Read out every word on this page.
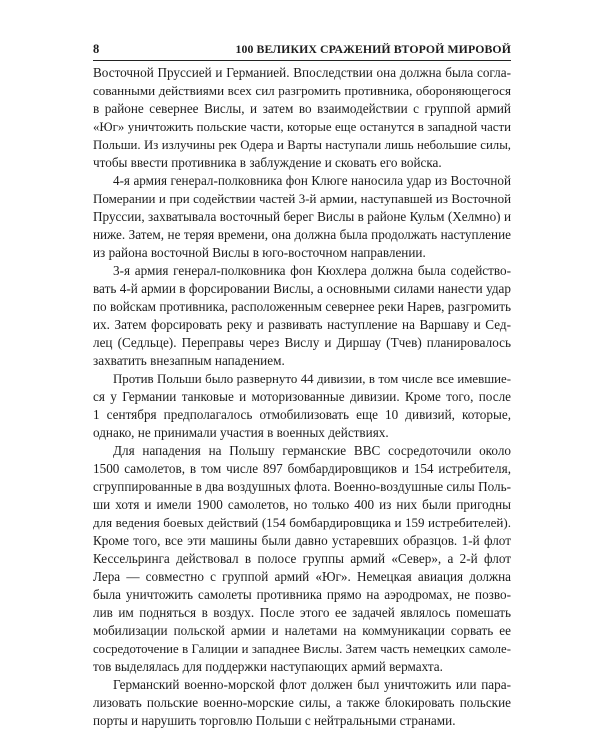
8	100 ВЕЛИКИХ СРАЖЕНИЙ ВТОРОЙ МИРОВОЙ
Восточной Пруссией и Германией. Впоследствии она должна была согла-
сованными действиями всех сил разгромить противника, обороняющегося
в районе севернее Вислы, и затем во взаимодействии с группой армий
«Юг» уничтожить польские части, которые еще останутся в западной части
Польши. Из излучины рек Одера и Варты наступали лишь небольшие силы,
чтобы ввести противника в заблуждение и сковать его войска.
4-я армия генерал-полковника фон Клюге наносила удар из Восточной
Померании и при содействии частей 3-й армии, наступавшей из Восточной
Пруссии, захватывала восточный берег Вислы в районе Кульм (Хелмно) и
ниже. Затем, не теряя времени, она должна была продолжать наступление
из района восточной Вислы в юго-восточном направлении.
3-я армия генерал-полковника фон Кюхлера должна была содейство-
вать 4-й армии в форсировании Вислы, а основными силами нанести удар
по войскам противника, расположенным севернее реки Нарев, разгромить
их. Затем форсировать реку и развивать наступление на Варшаву и Сед-
лец (Седльце). Переправы через Вислу и Диршау (Тчев) планировалось
захватить внезапным нападением.
Против Польши было развернуто 44 дивизии, в том числе все имевшие-
ся у Германии танковые и моторизованные дивизии. Кроме того, после
1 сентября предполагалось отмобилизовать еще 10 дивизий, которые,
однако, не принимали участия в военных действиях.
Для нападения на Польшу германские ВВС сосредоточили около
1500 самолетов, в том числе 897 бомбардировщиков и 154 истребителя,
сгруппированные в два воздушных флота. Военно-воздушные силы Поль-
ши хотя и имели 1900 самолетов, но только 400 из них были пригодны
для ведения боевых действий (154 бомбардировщика и 159 истребителей).
Кроме того, все эти машины были давно устаревших образцов. 1-й флот
Кессельринга действовал в полосе группы армий «Север», а 2-й флот
Лера — совместно с группой армий «Юг». Немецкая авиация должна
была уничтожить самолеты противника прямо на аэродромах, не позво-
лив им подняться в воздух. После этого ее задачей являлось помешать
мобилизации польской армии и налетами на коммуникации сорвать ее
сосредоточение в Галиции и западнее Вислы. Затем часть немецких самоле-
тов выделялась для поддержки наступающих армий вермахта.
Германский военно-морской флот должен был уничтожить или пара-
лизовать польские военно-морские силы, а также блокировать польские
порты и нарушить торговлю Польши с нейтральными странами.
